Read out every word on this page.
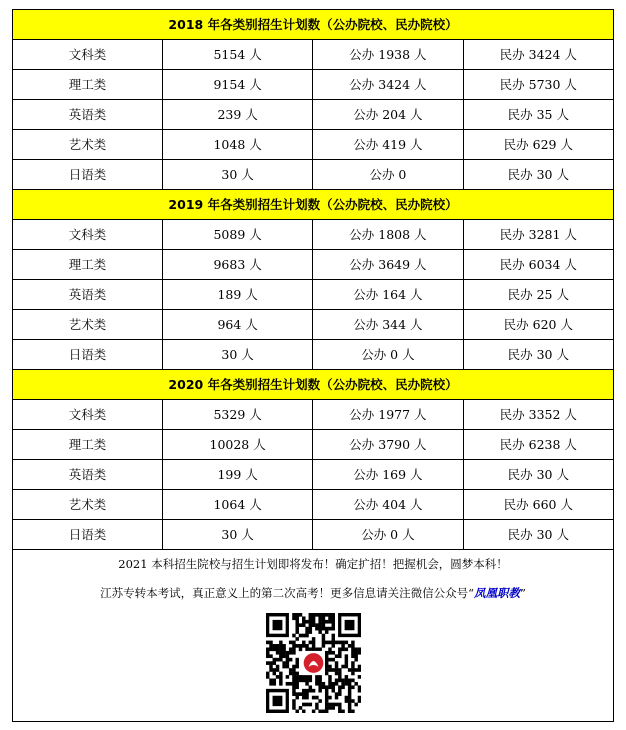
2018 年各类别招生计划数（公办院校、民办院校）			
文科类	5154 人	公办 1938 人	民办 3424 人
理工类	9154 人	公办 3424 人	民办 5730 人
英语类	239 人	公办 204 人	民办 35 人
艺术类	1048 人	公办 419 人	民办 629 人
日语类	30 人	公办 0	民办 30 人
2019 年各类别招生计划数（公办院校、民办院校）			
文科类	5089 人	公办 1808 人	民办 3281 人
理工类	9683 人	公办 3649 人	民办 6034 人
英语类	189 人	公办 164 人	民办 25 人
艺术类	964 人	公办 344 人	民办 620 人
日语类	30 人	公办 0 人	民办 30 人
2020 年各类别招生计划数（公办院校、民办院校）			
文科类	5329 人	公办 1977 人	民办 3352 人
理工类	10028 人	公办 3790 人	民办 6238 人
英语类	199 人	公办 169 人	民办 30 人
艺术类	1064 人	公办 404 人	民办 660 人
日语类	30 人	公办 0 人	民办 30 人
2021 本科招生院校与招生计划即将发布！确定扩招！把握机会，圆梦本科！
江苏专转本考试，真正意义上的第二次高考！更多信息请关注微信公众号“凤凰职教”
